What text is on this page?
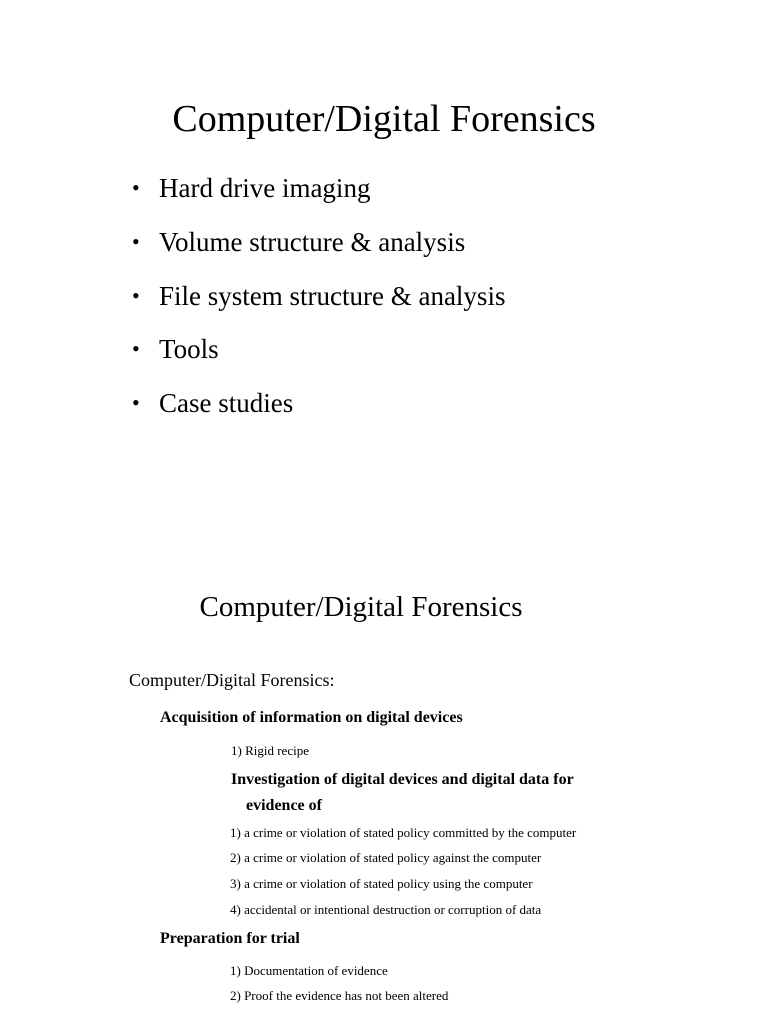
Computer/Digital Forensics
• Hard drive imaging
• Volume structure & analysis
• File system structure & analysis
• Tools
• Case studies
Computer/Digital Forensics
Computer/Digital Forensics:
Acquisition of information on digital devices
1) Rigid recipe
Investigation of digital devices and digital data for
evidence of
1) a crime or violation of stated policy committed by the computer
2) a crime or violation of stated policy against the computer
3) a crime or violation of stated policy using the computer
4) accidental or intentional destruction or corruption of data
Preparation for trial
1) Documentation of evidence
2) Proof the evidence has not been altered
